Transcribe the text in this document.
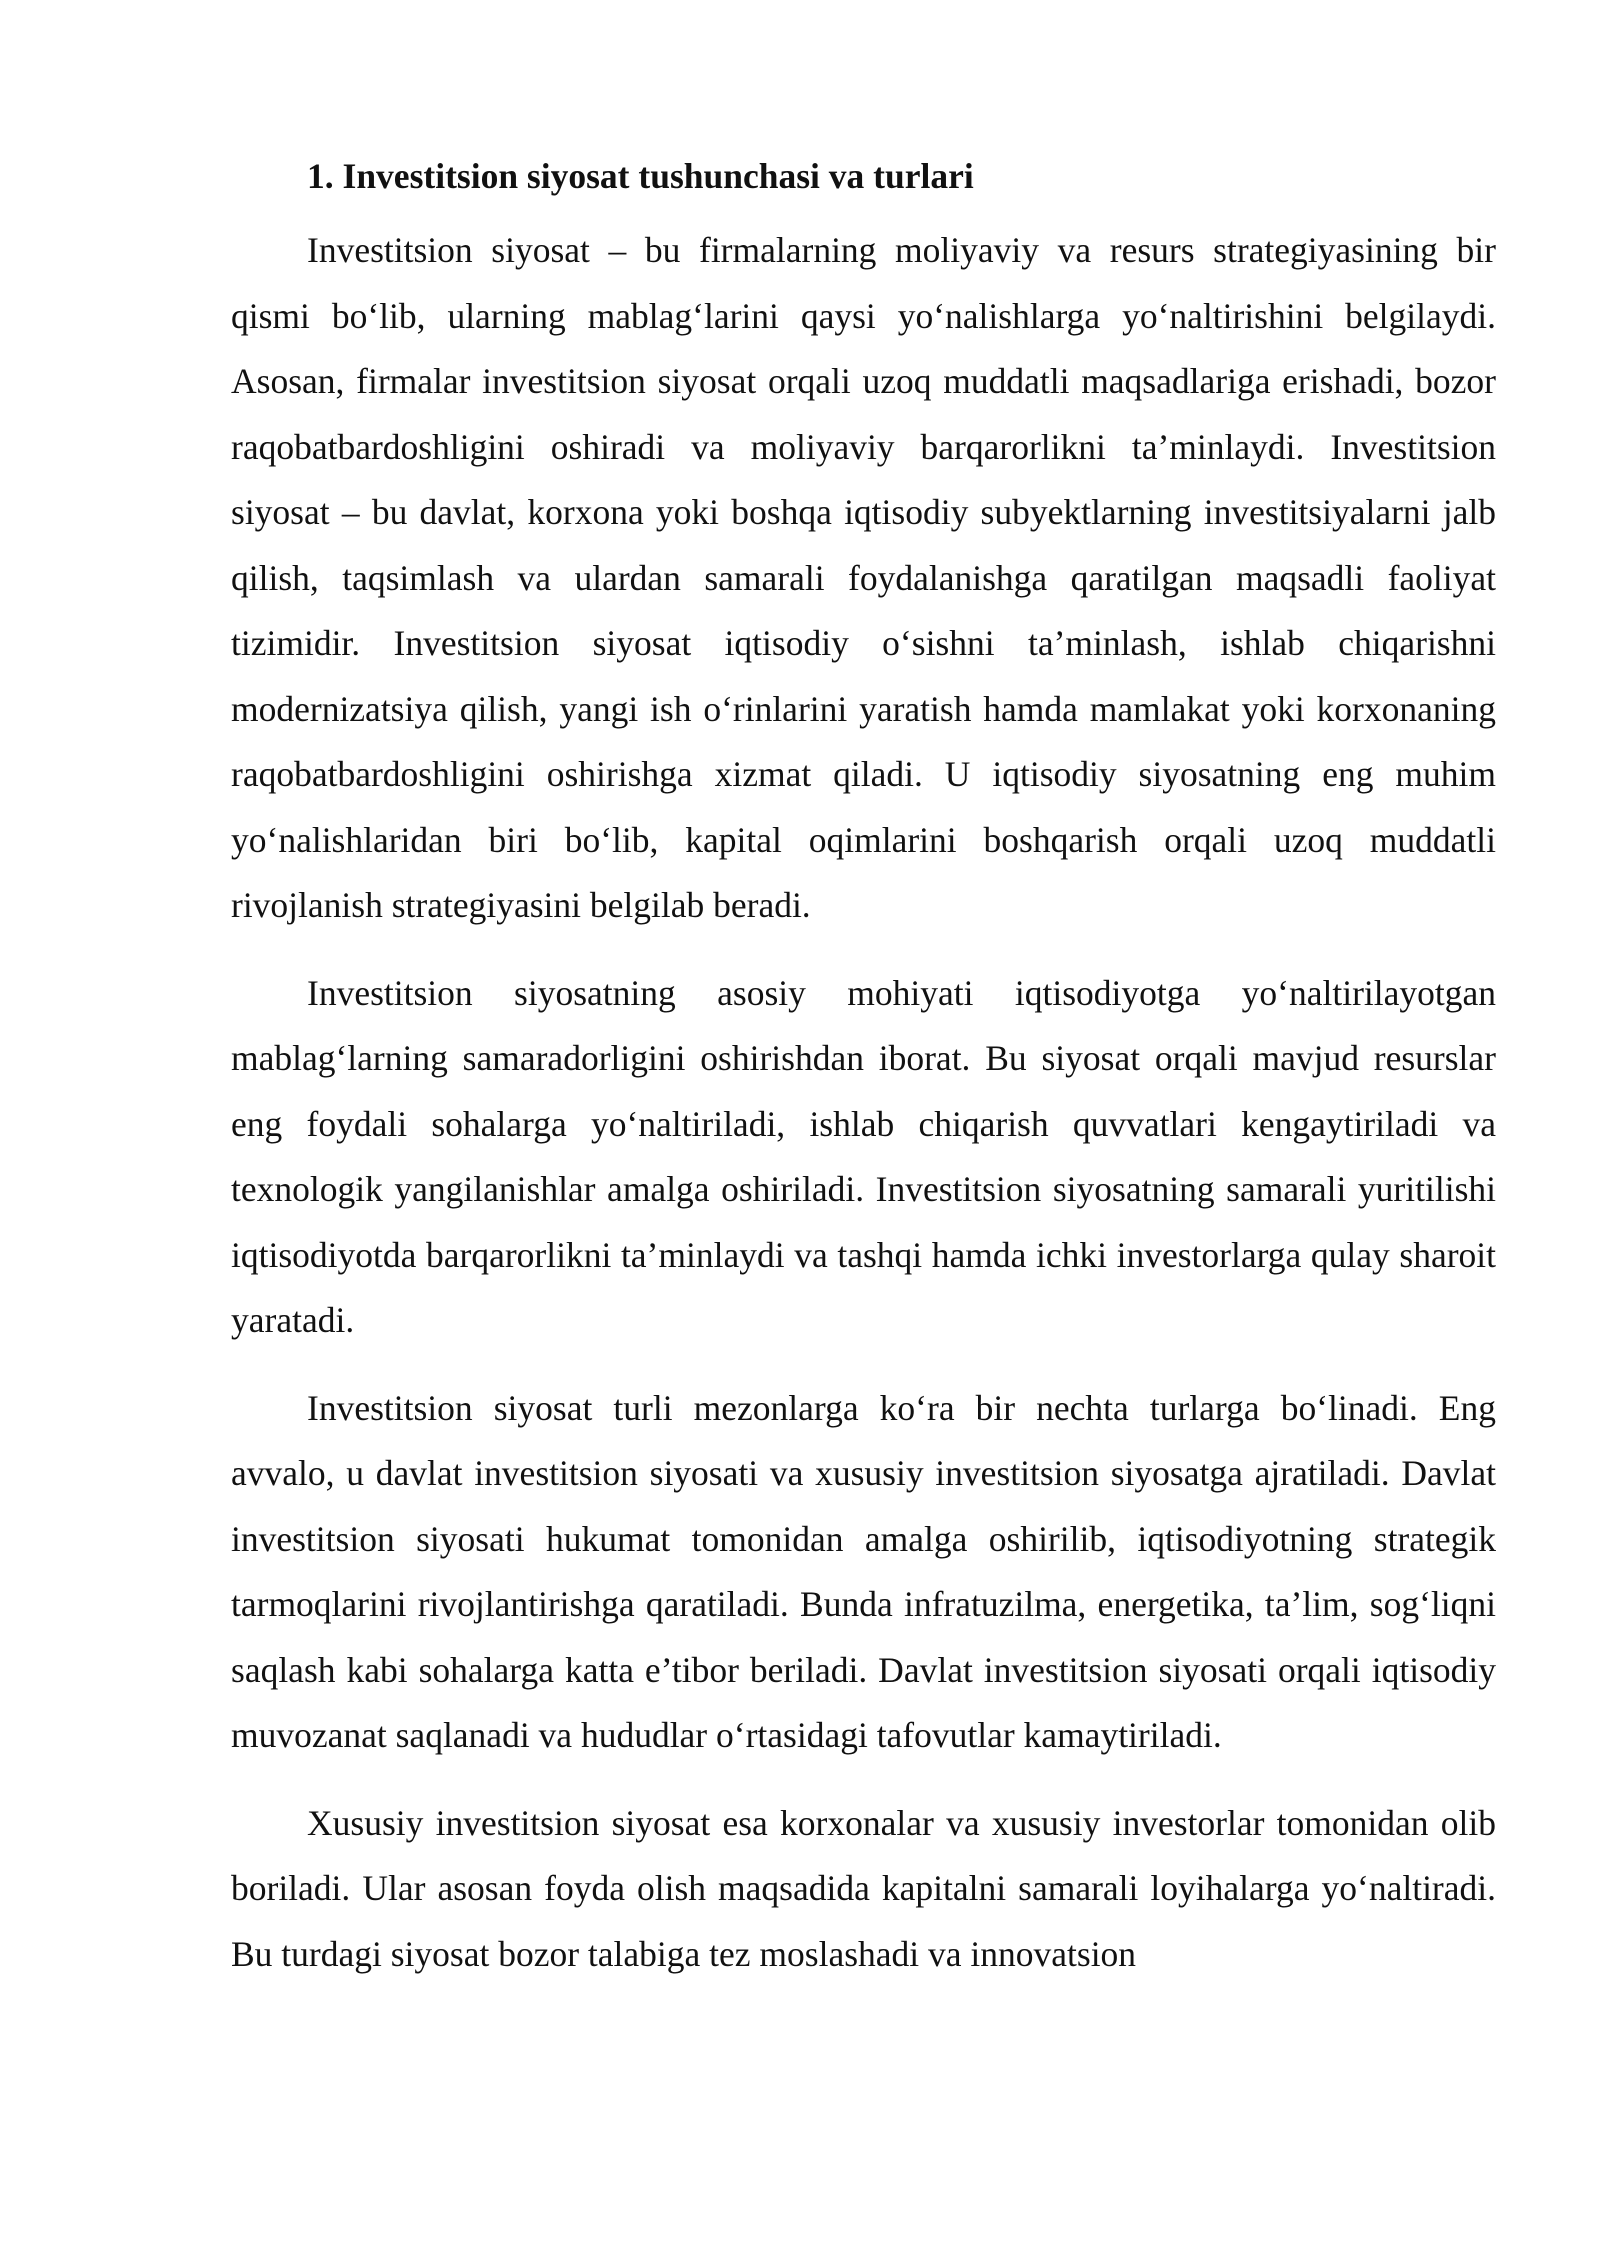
1. Investitsion siyosat tushunchasi va turlari

Investitsion siyosat – bu firmalarning moliyaviy va resurs strategiyasining bir qismi bo‘lib, ularning mablag‘larini qaysi yo‘nalishlarga yo‘naltirishini belgilaydi. Asosan, firmalar investitsion siyosat orqali uzoq muddatli maqsadlariga erishadi, bozor raqobatbardoshligini oshiradi va moliyaviy barqarorlikni ta’minlaydi. Investitsion siyosat – bu davlat, korxona yoki boshqa iqtisodiy subyektlarning investitsiyalarni jalb qilish, taqsimlash va ulardan samarali foydalanishga qaratilgan maqsadli faoliyat tizimidir. Investitsion siyosat iqtisodiy o‘sishni ta’minlash, ishlab chiqarishni modernizatsiya qilish, yangi ish o‘rinlarini yaratish hamda mamlakat yoki korxonaning raqobatbardoshligini oshirishga xizmat qiladi. U iqtisodiy siyosatning eng muhim yo‘nalishlaridan biri bo‘lib, kapital oqimlarini boshqarish orqali uzoq muddatli rivojlanish strategiyasini belgilab beradi.

Investitsion siyosatning asosiy mohiyati iqtisodiyotga yo‘naltirilayotgan mablag‘larning samaradorligini oshirishdan iborat. Bu siyosat orqali mavjud resurslar eng foydali sohalarga yo‘naltiriladi, ishlab chiqarish quvvatlari kengaytiriladi va texnologik yangilanishlar amalga oshiriladi. Investitsion siyosatning samarali yuritilishi iqtisodiyotda barqarorlikni ta’minlaydi va tashqi hamda ichki investorlarga qulay sharoit yaratadi.

Investitsion siyosat turli mezonlarga ko‘ra bir nechta turlarga bo‘linadi. Eng avvalo, u davlat investitsion siyosati va xususiy investitsion siyosatga ajratiladi. Davlat investitsion siyosati hukumat tomonidan amalga oshirilib, iqtisodiyotning strategik tarmoqlarini rivojlantirishga qaratiladi. Bunda infratuzilma, energetika, ta’lim, sog‘liqni saqlash kabi sohalarga katta e’tibor beriladi. Davlat investitsion siyosati orqali iqtisodiy muvozanat saqlanadi va hududlar o‘rtasidagi tafovutlar kamaytiriladi.

Xususiy investitsion siyosat esa korxonalar va xususiy investorlar tomonidan olib boriladi. Ular asosan foyda olish maqsadida kapitalni samarali loyihalarga yo‘naltiradi. Bu turdagi siyosat bozor talabiga tez moslashadi va innovatsion
